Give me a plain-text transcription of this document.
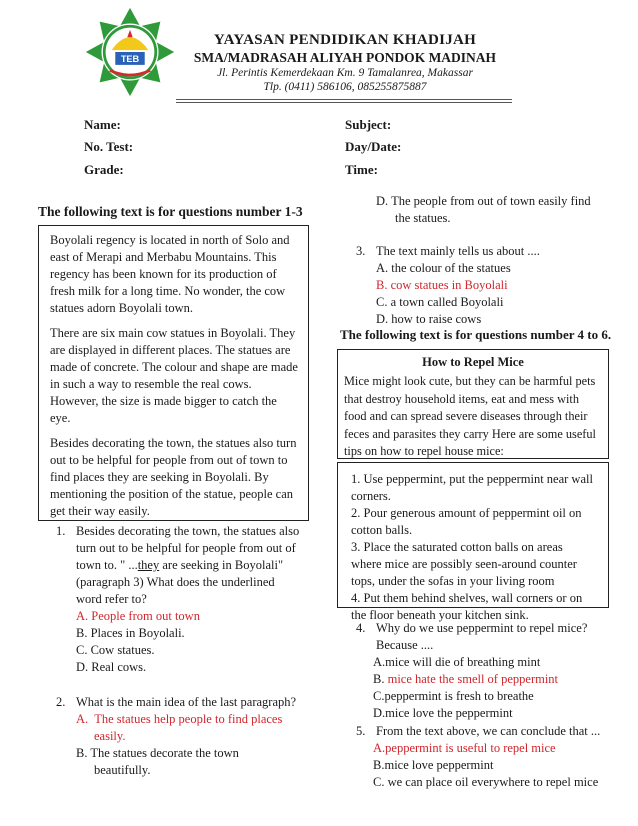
TEB
YAYASAN PENDIDIKAN KHADIJAH
SMA/MADRASAH ALIYAH PONDOK MADINAH
Jl. Perintis Kemerdekaan Km. 9 Tamalanrea, Makassar
Tlp. (0411) 586106, 085255875887
Name:
No. Test:
Grade:
Subject:
Day/Date:
Time:
The following text is for questions number 1-3

Boyolali regency is located in north of Solo and east of Merapi and Merbabu Mountains. This regency has been known for its production of fresh milk for a long time. No wonder, the cow statues adorn Boyolali town.

There are six main cow statues in Boyolali. They are displayed in different places. The statues are made of concrete. The colour and shape are made in such a way to resemble the real cows. However, the size is made bigger to catch the eye.

Besides decorating the town, the statues also turn out to be helpful for people from out of town to find places they are seeking in Boyolali. By mentioning the position of the statue, people can get their way easily.

1. Besides decorating the town, the statues also
turn out to be helpful for people from out of
town to. " ...they are seeking in Boyolali"
(paragraph 3) What does the underlined
word refer to?
A. People from out town
B. Places in Boyolali.
C. Cow statues.
D. Real cows.
2. What is the main idea of the last paragraph?
A. The statues help people to find places
easily.
B. The statues decorate the town
beautifully.
D. The people from out of town easily find
the statues.
3. The text mainly tells us about ....
A. the colour of the statues
B. cow statues in Boyolali
C. a town called Boyolali
D. how to raise cows
The following text is for questions number 4 to 6.
How to Repel Mice

Mice might look cute, but they can be harmful pets that destroy household items, eat and mess with food and can spread severe diseases through their feces and parasites they carry Here are some useful tips on how to repel house mice:

1. Use peppermint, put the peppermint near wall
corners.
2. Pour generous amount of peppermint oil on
cotton balls.
3. Place the saturated cotton balls on areas
where mice are possibly seen-around counter
tops, under the sofas in your living room
4. Put them behind shelves, wall corners or on
the floor beneath your kitchen sink.
4. Why do we use peppermint to repel mice?
Because ....
A.mice will die of breathing mint
B. mice hate the smell of peppermint
C.peppermint is fresh to breathe
D.mice love the peppermint
5. From the text above, we can conclude that ...
A.peppermint is useful to repel mice
B.mice love peppermint
C. we can place oil everywhere to repel mice
